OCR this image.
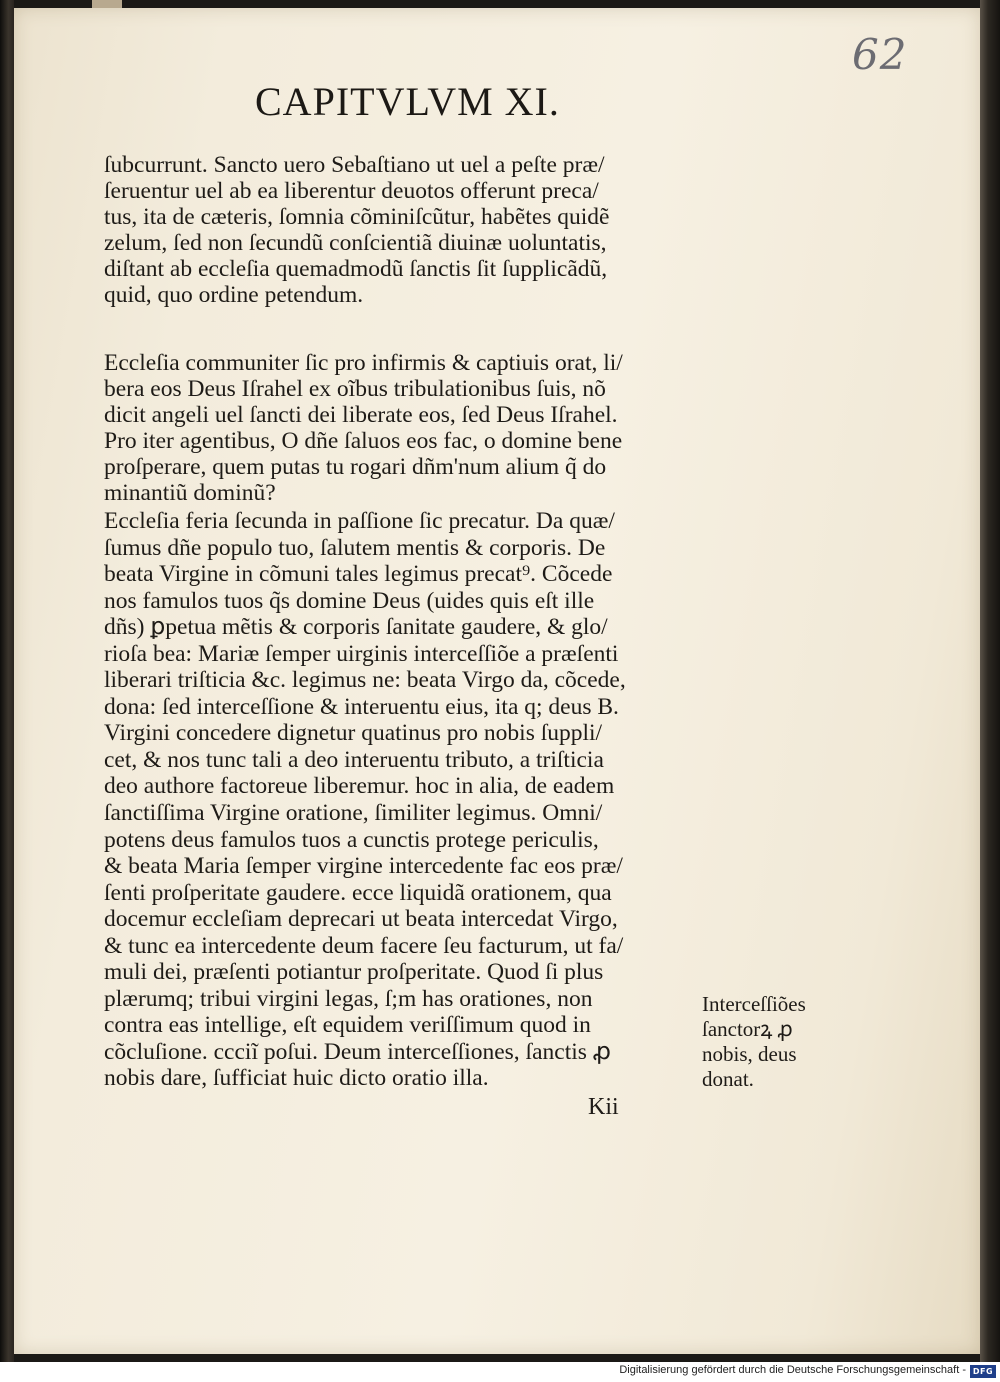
62
CAPITVLVM XI.
ſubcurrunt. Sancto uero Sebaſtiano ut uel a peſte præ/
ſeruentur uel ab ea liberentur deuotos offerunt preca/
tus, ita de cæteris, ſomnia cõminiſcũtur, habẽtes quidẽ
zelum, ſed non ſecundũ conſcientiã diuinæ uoluntatis,
diſtant ab eccleſia quemadmodũ ſanctis ſit ſupplicãdũ,
quid, quo ordine petendum.
Eccleſia communiter ſic pro infirmis & captiuis orat, li/
bera eos Deus Iſrahel ex oĩbus tribulationibus ſuis, nõ
dicit angeli uel ſancti dei liberate eos, ſed Deus Iſrahel.
Pro iter agentibus, O dñe ſaluos eos fac, o domine bene
proſperare, quem putas tu rogari dñm'num alium q̃ do
minantiũ dominũ?
Eccleſia feria ſecunda in paſſione ſic precatur. Da quæ/
ſumus dñe populo tuo, ſalutem mentis & corporis. De
beata Virgine in cõmuni tales legimus precat⁹. Cõcede
nos famulos tuos q̃s domine Deus (uides quis eſt ille
dñs) ꝑpetua mẽtis & corporis ſanitate gaudere, & glo/
rioſa bea: Mariæ ſemper uirginis interceſſiõe a præſenti
liberari triſticia &c. legimus ne: beata Virgo da, cõcede,
dona: ſed interceſſione & interuentu eius, ita q; deus B.
Virgini concedere dignetur quatinus pro nobis ſuppli/
cet, & nos tunc tali a deo interuentu tributo, a triſticia
deo authore factoreue liberemur. hoc in alia, de eadem
ſanctiſſima Virgine oratione, ſimiliter legimus. Omni/
potens deus famulos tuos a cunctis protege periculis,
& beata Maria ſemper virgine intercedente fac eos præ/
ſenti proſperitate gaudere. ecce liquidã orationem, qua
docemur eccleſiam deprecari ut beata intercedat Virgo,
& tunc ea intercedente deum facere ſeu facturum, ut fa/
muli dei, præſenti potiantur proſperitate. Quod ſi plus
plærumq; tribui virgini legas, ſ;m has orationes, non
contra eas intellige, eſt equidem veriſſimum quod in
cõcluſione. ccciĩ poſui. Deum interceſſiones, ſanctis ꝓ
nobis dare, ſufficiat huic dicto oratio illa.
Interceſſiões
ſanctorꝝ ꝓ
nobis, deus
donat.
Kii
Digitalisierung gefördert durch die Deutsche Forschungsgemeinschaft - DFG
